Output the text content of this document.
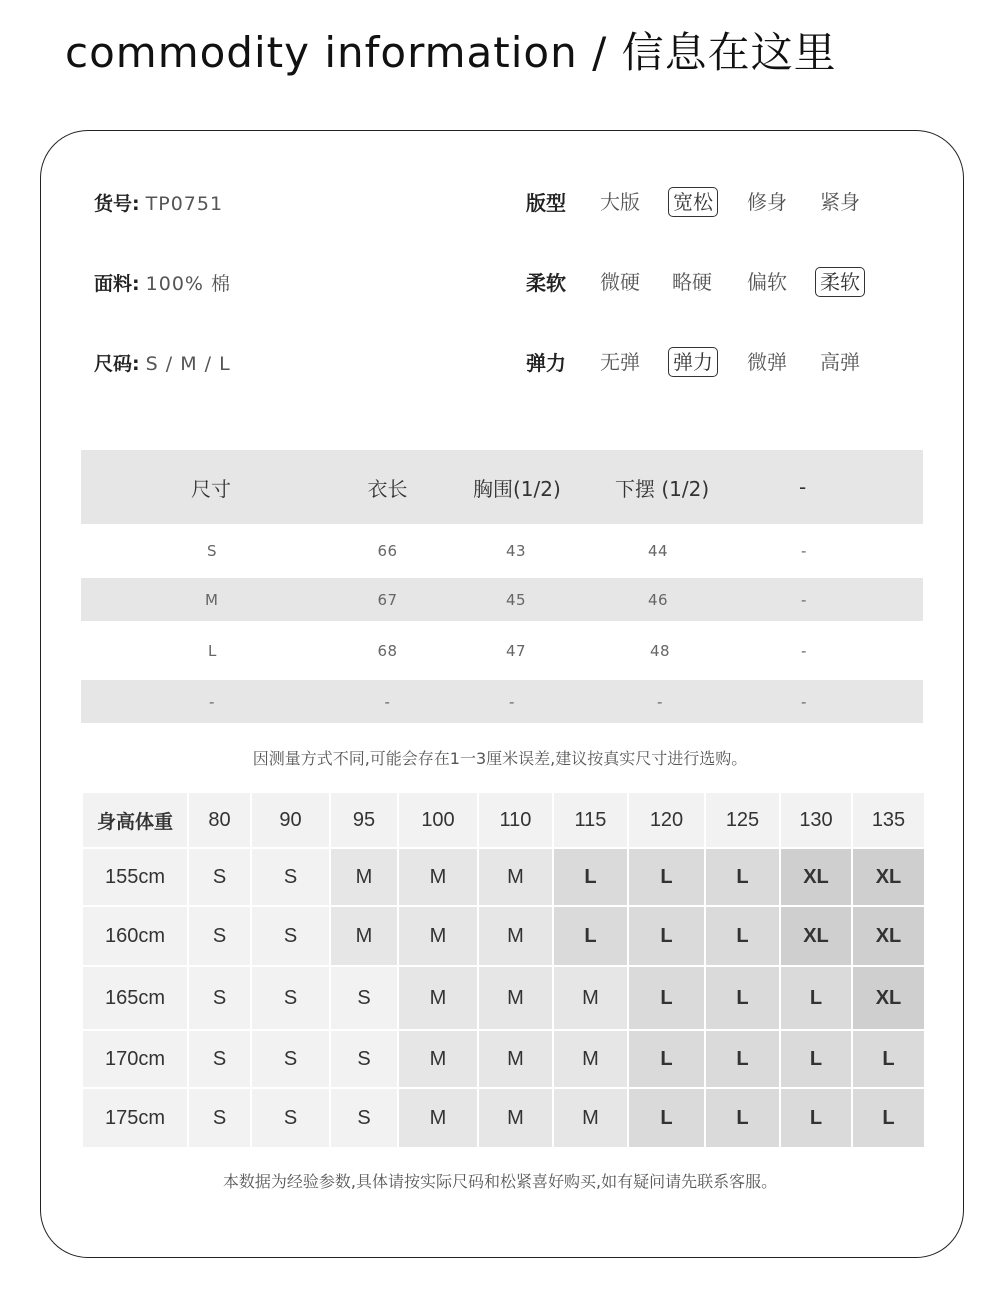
commodity information / 信息在这里
货号: TP0751
面料: 100% 棉
尺码: S / M / L
版型 大版 宽松 修身 紧身
柔软 微硬 略硬 偏软 柔软
弹力 无弹 弹力 微弹 高弹
尺寸	衣长	胸围(1/2)	下摆 (1/2)	-
S	66	43	44	-
M	67	45	46	-
L	68	47	48	-
-	-	-	-	-
因测量方式不同,可能会存在1一3厘米误差,建议按真实尺寸进行选购。
身高体重	80	90	95	100	110	115	120	125	130	135
155cm	S	S	M	M	M	L	L	L	XL	XL
160cm	S	S	M	M	M	L	L	L	XL	XL
165cm	S	S	S	M	M	M	L	L	L	XL
170cm	S	S	S	M	M	M	L	L	L	L
175cm	S	S	S	M	M	M	L	L	L	L
本数据为经验参数,具体请按实际尺码和松紧喜好购买,如有疑问请先联系客服。
